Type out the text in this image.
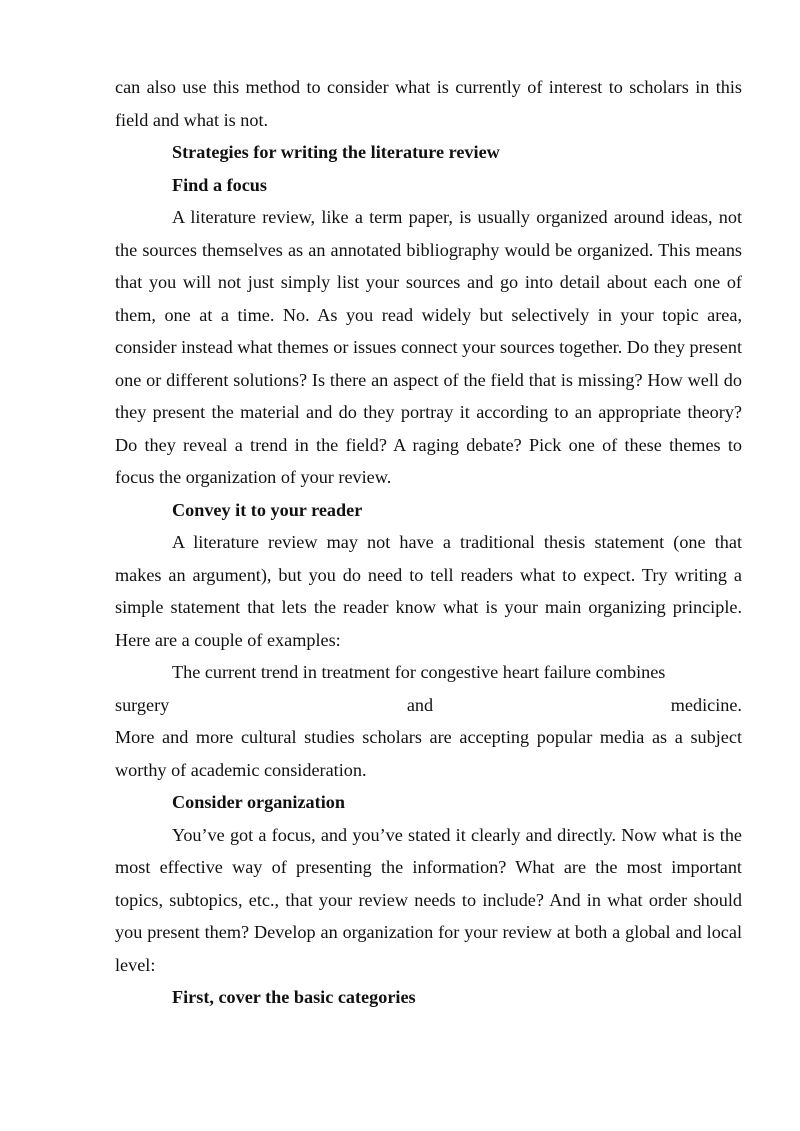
can also use this method to consider what is currently of interest to scholars in this field and what is not.

Strategies for writing the literature review

Find a focus

A literature review, like a term paper, is usually organized around ideas, not the sources themselves as an annotated bibliography would be organized. This means that you will not just simply list your sources and go into detail about each one of them, one at a time. No. As you read widely but selectively in your topic area, consider instead what themes or issues connect your sources together. Do they present one or different solutions? Is there an aspect of the field that is missing? How well do they present the material and do they portray it according to an appropriate theory? Do they reveal a trend in the field? A raging debate? Pick one of these themes to focus the organization of your review.

Convey it to your reader

A literature review may not have a traditional thesis statement (one that makes an argument), but you do need to tell readers what to expect. Try writing a simple statement that lets the reader know what is your main organizing principle. Here are a couple of examples:

The current trend in treatment for congestive heart failure combines

surgery	and	medicine.

More and more cultural studies scholars are accepting popular media as a subject worthy of academic consideration.

Consider organization

You’ve got a focus, and you’ve stated it clearly and directly. Now what is the most effective way of presenting the information? What are the most important topics, subtopics, etc., that your review needs to include? And in what order should you present them? Develop an organization for your review at both a global and local level:

First, cover the basic categories
